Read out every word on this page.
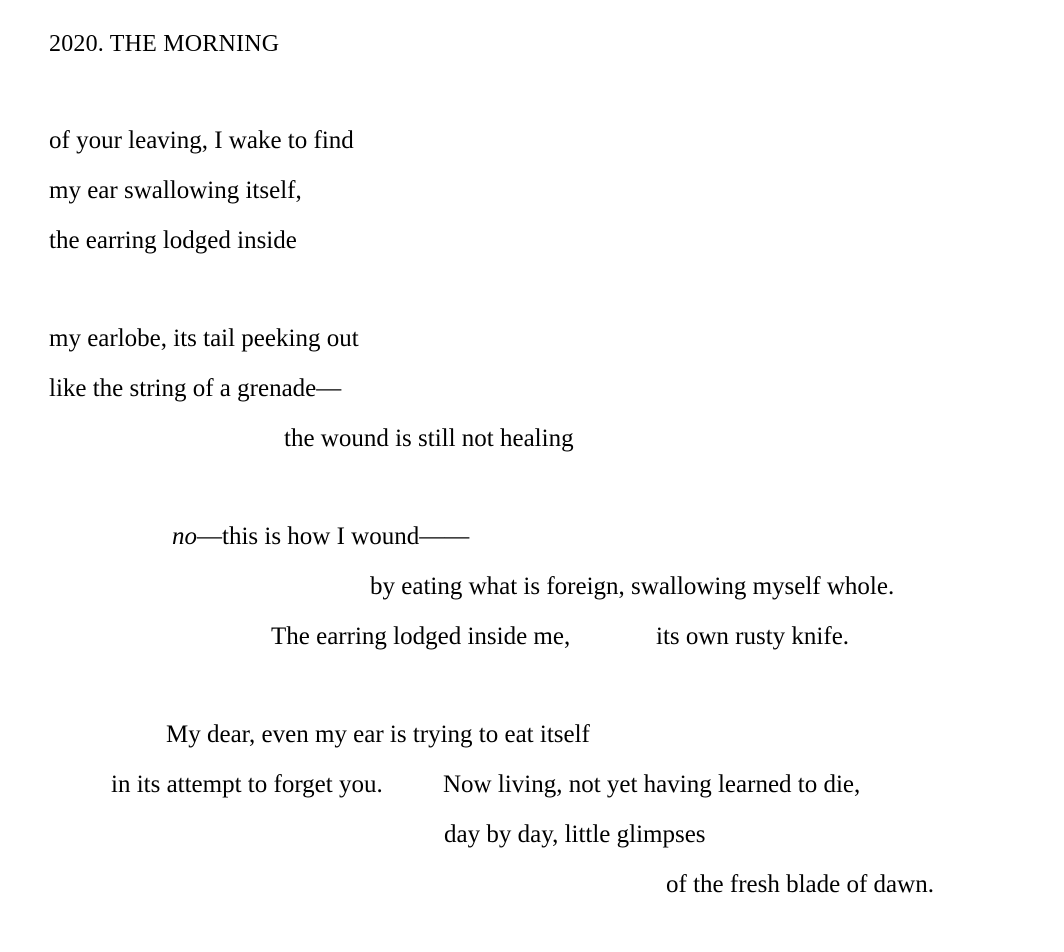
2020. THE MORNING
of your leaving, I wake to find
my ear swallowing itself,
the earring lodged inside
my earlobe, its tail peeking out
like the string of a grenade—
the wound is still not healing
no—this is how I wound——
by eating what is foreign, swallowing myself whole.
The earring lodged inside me,	its own rusty knife.
My dear, even my ear is trying to eat itself
in its attempt to forget you. Now living, not yet having learned to die,
day by day, little glimpses
of the fresh blade of dawn.
